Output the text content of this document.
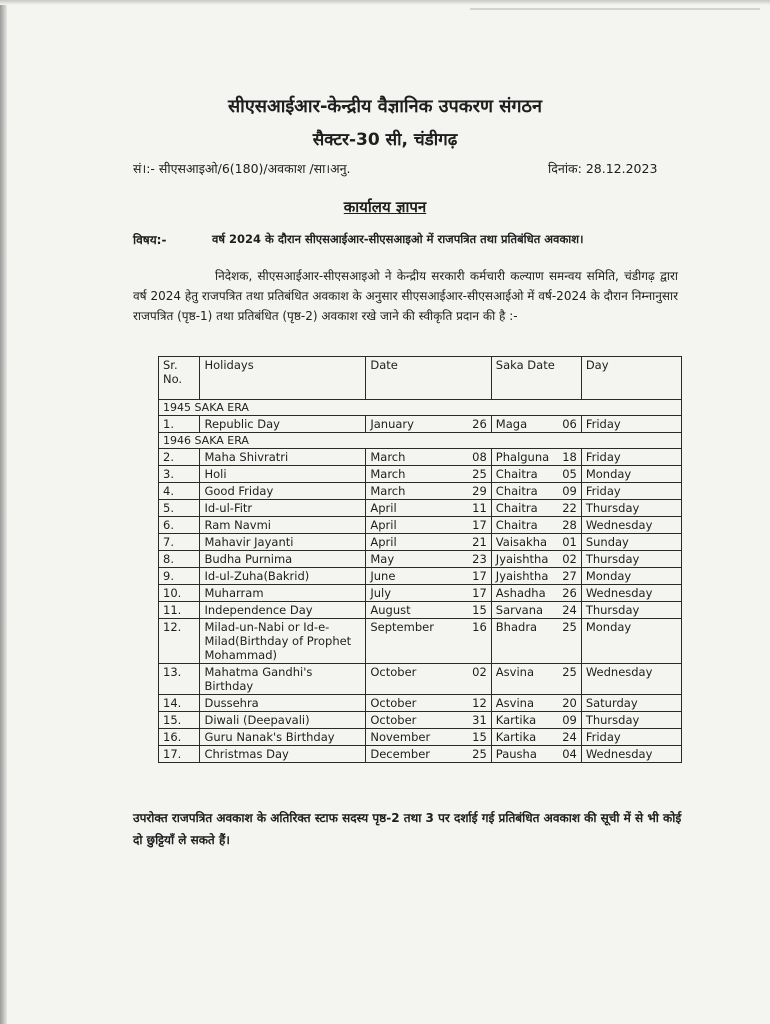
सीएसआईआर-केन्द्रीय वैज्ञानिक उपकरण संगठन
सैक्टर-30 सी, चंडीगढ़
सं।:- सीएसआइओ/6(180)/अवकाश /सा।अनु.	दिनांक: 28.12.2023
कार्यालय ज्ञापन
विषय:-	वर्ष 2024 के दौरान सीएसआईआर-सीएसआइओ में राजपत्रित तथा प्रतिबंधित अवकाश।
निदेशक, सीएसआईआर-सीएसआइओ ने केन्द्रीय सरकारी कर्मचारी कल्याण समन्वय समिति, चंडीगढ़ द्वारा वर्ष 2024 हेतु राजपत्रित तथा प्रतिबंधित अवकाश के अनुसार सीएसआईआर-सीएसआईओ में वर्ष-2024 के दौरान निम्नानुसार राजपत्रित (पृष्ठ-1) तथा प्रतिबंधित (पृष्ठ-2) अवकाश रखे जाने की स्वीकृति प्रदान की है :-
Sr. No.	Holidays	Date	Saka Date	Day
1945 SAKA ERA				
1.	Republic Day	January 26	Maga 06	Friday
1946 SAKA ERA				
2.	Maha Shivratri	March 08	Phalguna 18	Friday
3.	Holi	March 25	Chaitra 05	Monday
4.	Good Friday	March 29	Chaitra 09	Friday
5.	Id-ul-Fitr	April 11	Chaitra 22	Thursday
6.	Ram Navmi	April 17	Chaitra 28	Wednesday
7.	Mahavir Jayanti	April 21	Vaisakha 01	Sunday
8.	Budha Purnima	May 23	Jyaishtha 02	Thursday
9.	Id-ul-Zuha(Bakrid)	June 17	Jyaishtha 27	Monday
10.	Muharram	July 17	Ashadha 26	Wednesday
11.	Independence Day	August 15	Sarvana 24	Thursday
12.	Milad-un-Nabi or Id-e-Milad(Birthday of Prophet Mohammad)	September 16	Bhadra 25	Monday
13.	Mahatma Gandhi's Birthday	October 02	Asvina 25	Wednesday
14.	Dussehra	October 12	Asvina 20	Saturday
15.	Diwali (Deepavali)	October 31	Kartika 09	Thursday
16.	Guru Nanak's Birthday	November 15	Kartika 24	Friday
17.	Christmas Day	December 25	Pausha 04	Wednesday
उपरोक्त राजपत्रित अवकाश के अतिरिक्त स्टाफ सदस्य पृष्ठ-2 तथा 3 पर दर्शाई गई प्रतिबंधित अवकाश की सूची में से भी कोई दो छुट्टियाँ ले सकते हैं।
